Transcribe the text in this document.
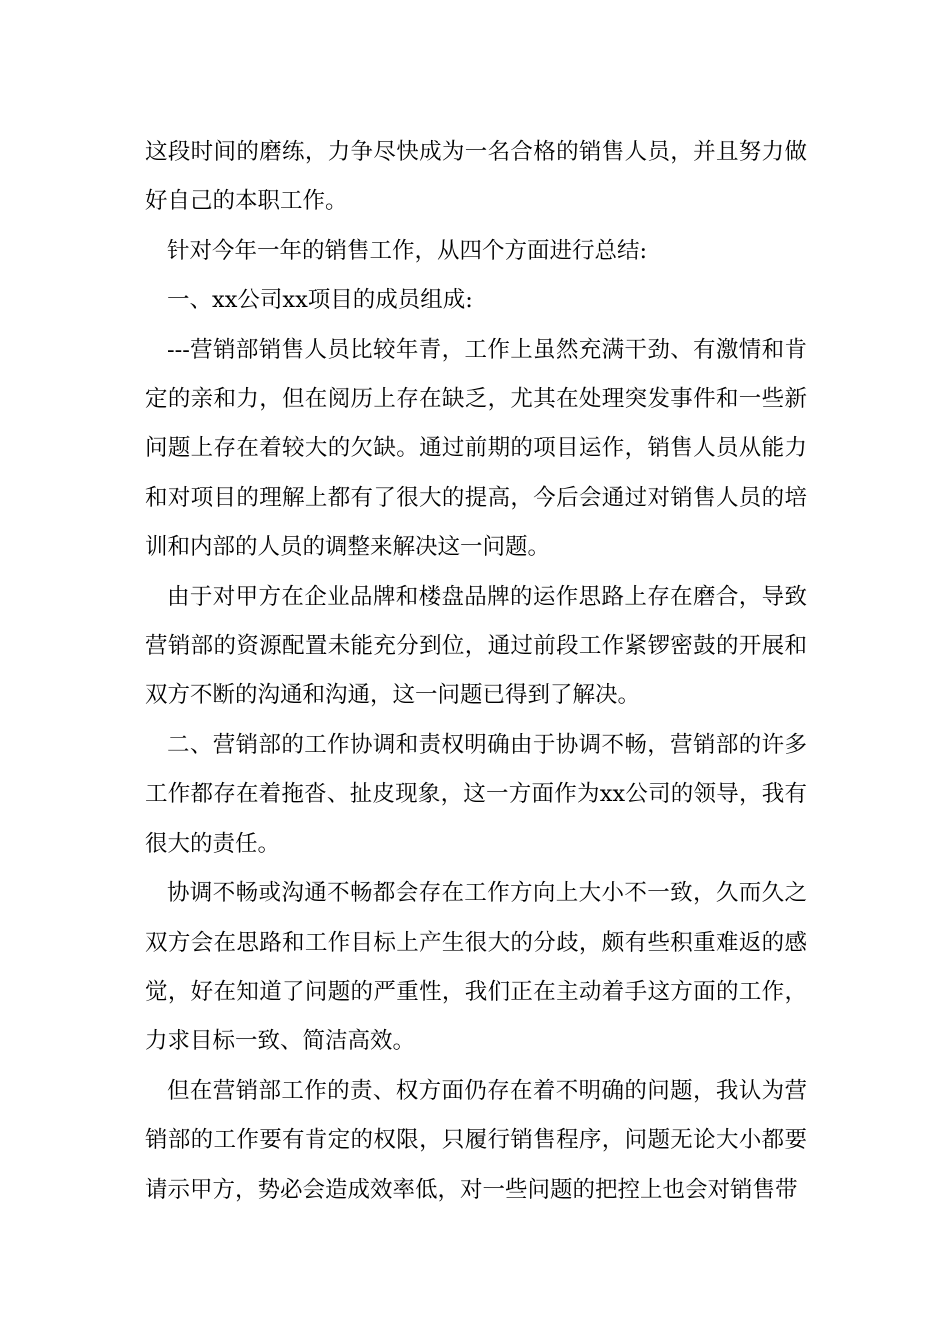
这段时间的磨练，力争尽快成为一名合格的销售人员，并且努力做好自己的本职工作。

针对今年一年的销售工作，从四个方面进行总结:

一、xx公司xx项目的成员组成:

---营销部销售人员比较年青，工作上虽然充满干劲、有激情和肯定的亲和力，但在阅历上存在缺乏，尤其在处理突发事件和一些新问题上存在着较大的欠缺。通过前期的项目运作，销售人员从能力和对项目的理解上都有了很大的提高，今后会通过对销售人员的培训和内部的人员的调整来解决这一问题。

由于对甲方在企业品牌和楼盘品牌的运作思路上存在磨合，导致营销部的资源配置未能充分到位，通过前段工作紧锣密鼓的开展和双方不断的沟通和沟通，这一问题已得到了解决。

二、营销部的工作协调和责权明确由于协调不畅，营销部的许多工作都存在着拖沓、扯皮现象，这一方面作为xx公司的领导，我有很大的责任。

协调不畅或沟通不畅都会存在工作方向上大小不一致，久而久之双方会在思路和工作目标上产生很大的分歧，颇有些积重难返的感觉，好在知道了问题的严重性，我们正在主动着手这方面的工作，力求目标一致、简洁高效。

但在营销部工作的责、权方面仍存在着不明确的问题，我认为营销部的工作要有肯定的权限，只履行销售程序，问题无论大小都要请示甲方，势必会造成效率低，对一些问题的把控上也会对销售带
